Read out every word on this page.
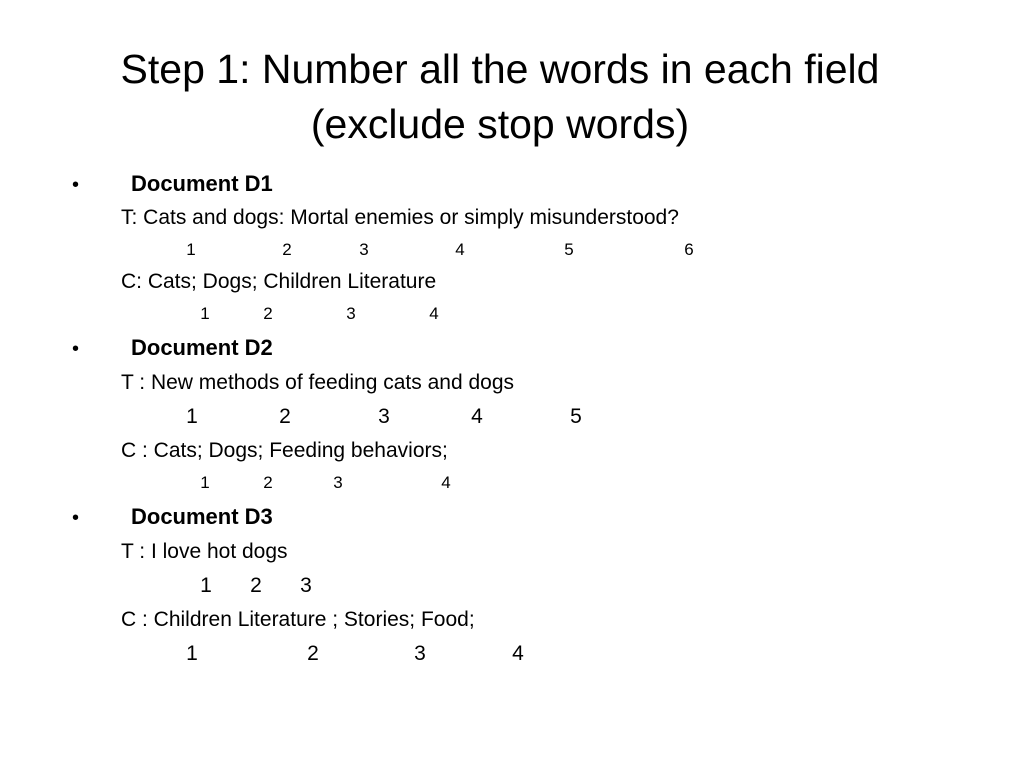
Step 1: Number all the words in each field
(exclude stop words)
• Document D1
T: Cats and dogs: Mortal enemies or simply misunderstood?
1	2	3	4	5	6
C: Cats; Dogs; Children Literature
1	2	3	4
• Document D2
T : New methods of feeding cats and dogs
1	2	3	4	5
C : Cats; Dogs; Feeding behaviors;
1	2	3	4
• Document D3
T : I love hot dogs
1 2 3
C : Children Literature ; Stories; Food;
1	2	3	4
